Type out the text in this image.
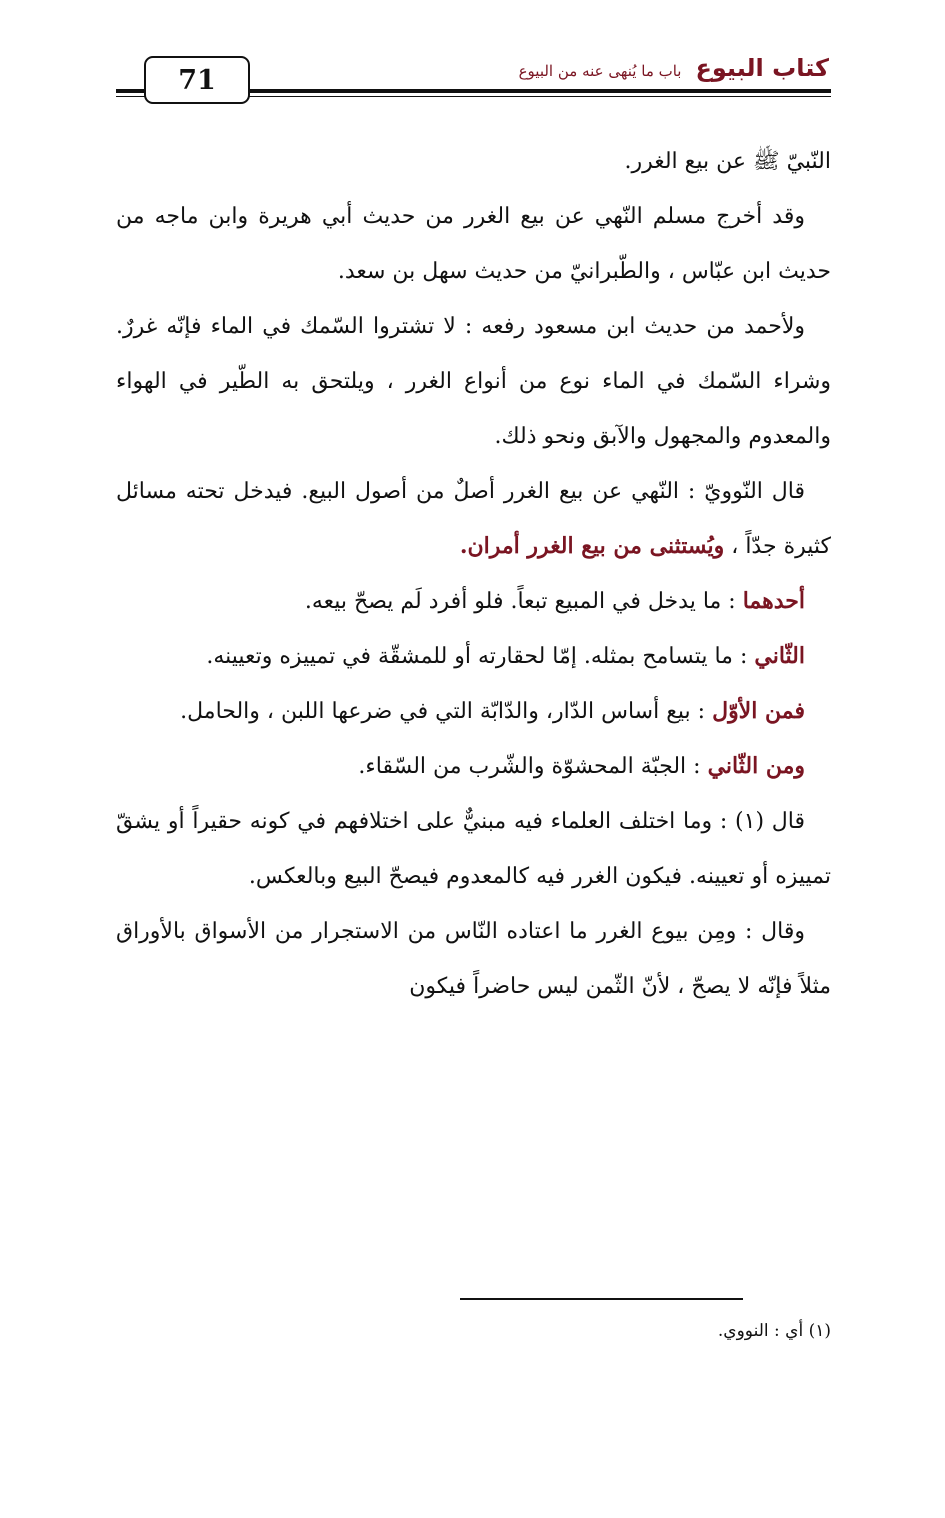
71	كتاب البيوع
باب ما يُنهى عنه من البيوع

النّبيّ ﷺ عن بيع الغرر.

وقد أخرج مسلم النّهي عن بيع الغرر من حديث أبي هريرة وابن ماجه من حديث ابن عبّاس ، والطّبرانيّ من حديث سهل بن سعد.

ولأحمد من حديث ابن مسعود رفعه : لا تشتروا السّمك في الماء فإنّه غررٌ. وشراء السّمك في الماء نوع من أنواع الغرر ، ويلتحق به الطّير في الهواء والمعدوم والمجهول والآبق ونحو ذلك.

قال النّوويّ : النّهي عن بيع الغرر أصلٌ من أصول البيع. فيدخل تحته مسائل كثيرة جدّاً ، ويُستثنى من بيع الغرر أمران.

أحدهما : ما يدخل في المبيع تبعاً. فلو أفرد لَم يصحّ بيعه.

الثّاني : ما يتسامح بمثله. إمّا لحقارته أو للمشقّة في تمييزه وتعيينه.

فمن الأوّل : بيع أساس الدّار، والدّابّة التي في ضرعها اللبن ، والحامل.

ومن الثّاني : الجبّة المحشوّة والشّرب من السّقاء.

قال (١) : وما اختلف العلماء فيه مبنيٌّ على اختلافهم في كونه حقيراً أو يشقّ تمييزه أو تعيينه. فيكون الغرر فيه كالمعدوم فيصحّ البيع وبالعكس.

وقال : ومِن بيوع الغرر ما اعتاده النّاس من الاستجرار من الأسواق بالأوراق مثلاً فإنّه لا يصحّ ، لأنّ الثّمن ليس حاضراً فيكون

(١) أي : النووي.
